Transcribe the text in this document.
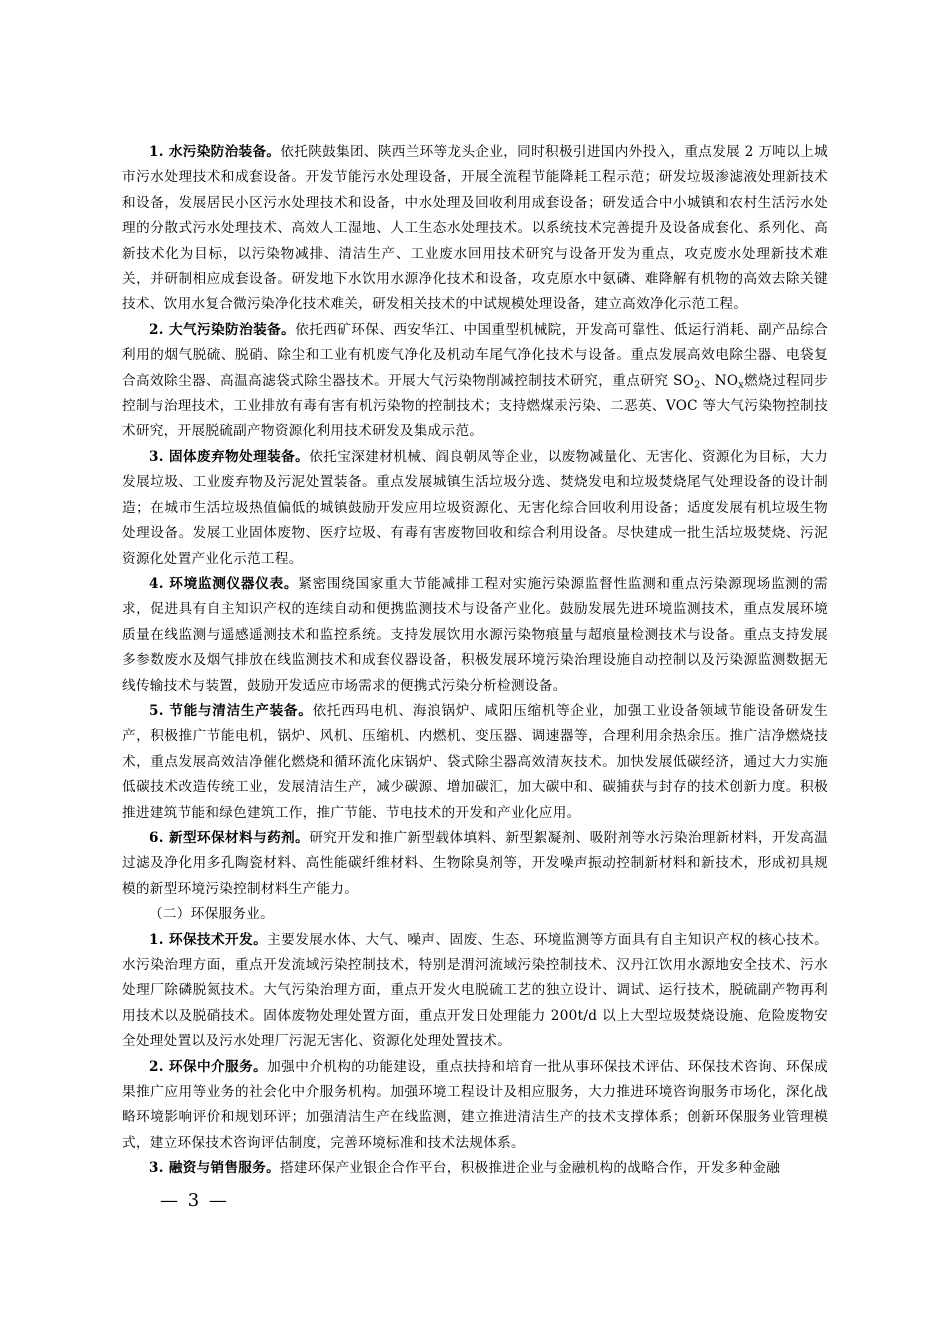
1. 水污染防治装备。依托陕鼓集团、陕西兰环等龙头企业，同时积极引进国内外投入，重点发展 2 万吨以上城市污水处理技术和成套设备。开发节能污水处理设备，开展全流程节能降耗工程示范；研发垃圾渗滤液处理新技术和设备，发展居民小区污水处理技术和设备，中水处理及回收利用成套设备；研发适合中小城镇和农村生活污水处理的分散式污水处理技术、高效人工湿地、人工生态水处理技术。以系统技术完善提升及设备成套化、系列化、高新技术化为目标，以污染物减排、清洁生产、工业废水回用技术研究与设备开发为重点，攻克废水处理新技术难关，并研制相应成套设备。研发地下水饮用水源净化技术和设备，攻克原水中氨磷、难降解有机物的高效去除关键技术、饮用水复合微污染净化技术难关，研发相关技术的中试规模处理设备，建立高效净化示范工程。

2. 大气污染防治装备。依托西矿环保、西安华江、中国重型机械院，开发高可靠性、低运行消耗、副产品综合利用的烟气脱硫、脱硝、除尘和工业有机废气净化及机动车尾气净化技术与设备。重点发展高效电除尘器、电袋复合高效除尘器、高温高滤袋式除尘器技术。开展大气污染物削减控制技术研究，重点研究 $SO_2$、$NO_x$燃烧过程同步控制与治理技术，工业排放有毒有害有机污染物的控制技术；支持燃煤汞污染、二恶英、VOC 等大气污染物控制技术研究，开展脱硫副产物资源化利用技术研发及集成示范。

3. 固体废弃物处理装备。依托宝深建材机械、阎良朝凤等企业，以废物减量化、无害化、资源化为目标，大力发展垃圾、工业废弃物及污泥处置装备。重点发展城镇生活垃圾分选、焚烧发电和垃圾焚烧尾气处理设备的设计制造；在城市生活垃圾热值偏低的城镇鼓励开发应用垃圾资源化、无害化综合回收利用设备；适度发展有机垃圾生物处理设备。发展工业固体废物、医疗垃圾、有毒有害废物回收和综合利用设备。尽快建成一批生活垃圾焚烧、污泥资源化处置产业化示范工程。

4. 环境监测仪器仪表。紧密围绕国家重大节能减排工程对实施污染源监督性监测和重点污染源现场监测的需求，促进具有自主知识产权的连续自动和便携监测技术与设备产业化。鼓励发展先进环境监测技术，重点发展环境质量在线监测与遥感遥测技术和监控系统。支持发展饮用水源污染物痕量与超痕量检测技术与设备。重点支持发展多参数废水及烟气排放在线监测技术和成套仪器设备，积极发展环境污染治理设施自动控制以及污染源监测数据无线传输技术与装置，鼓励开发适应市场需求的便携式污染分析检测设备。

5. 节能与清洁生产装备。依托西玛电机、海浪锅炉、咸阳压缩机等企业，加强工业设备领域节能设备研发生产，积极推广节能电机，锅炉、风机、压缩机、内燃机、变压器、调速器等，合理利用余热余压。推广洁净燃烧技术，重点发展高效洁净催化燃烧和循环流化床锅炉、袋式除尘器高效清灰技术。加快发展低碳经济，通过大力实施低碳技术改造传统工业，发展清洁生产，减少碳源、增加碳汇，加大碳中和、碳捕获与封存的技术创新力度。积极推进建筑节能和绿色建筑工作，推广节能、节电技术的开发和产业化应用。

6. 新型环保材料与药剂。研究开发和推广新型载体填料、新型絮凝剂、吸附剂等水污染治理新材料，开发高温过滤及净化用多孔陶瓷材料、高性能碳纤维材料、生物除臭剂等，开发噪声振动控制新材料和新技术，形成初具规模的新型环境污染控制材料生产能力。

（二）环保服务业。

1. 环保技术开发。主要发展水体、大气、噪声、固废、生态、环境监测等方面具有自主知识产权的核心技术。水污染治理方面，重点开发流域污染控制技术，特别是渭河流域污染控制技术、汉丹江饮用水源地安全技术、污水处理厂除磷脱氮技术。大气污染治理方面，重点开发火电脱硫工艺的独立设计、调试、运行技术，脱硫副产物再利用技术以及脱硝技术。固体废物处理处置方面，重点开发日处理能力 200t/d 以上大型垃圾焚烧设施、危险废物安全处理处置以及污水处理厂污泥无害化、资源化处理处置技术。

2. 环保中介服务。加强中介机构的功能建设，重点扶持和培育一批从事环保技术评估、环保技术咨询、环保成果推广应用等业务的社会化中介服务机构。加强环境工程设计及相应服务，大力推进环境咨询服务市场化，深化战略环境影响评价和规划环评；加强清洁生产在线监测，建立推进清洁生产的技术支撑体系；创新环保服务业管理模式，建立环保技术咨询评估制度，完善环境标准和技术法规体系。

3. 融资与销售服务。搭建环保产业银企合作平台，积极推进企业与金融机构的战略合作，开发多种金融

— 3 —
